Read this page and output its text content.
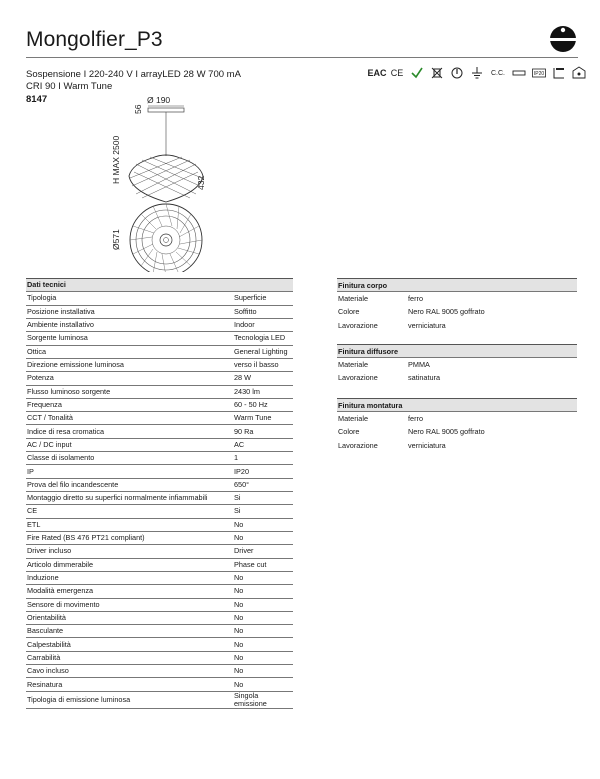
Mongolfier_P3
Sospensione I 220-240 V I arrayLED 28 W 700 mA
CRI 90 I Warm Tune
8147
EAC CE	C.C.	IP20
Ø 190
56
H MAX 2500	432
Ø571
Dati tecnici	
Tipologia	Superficie
Posizione installativa	Soffitto
Ambiente installativo	Indoor
Sorgente luminosa	Tecnologia LED
Ottica	General Lighting
Direzione emissione luminosa	verso il basso
Potenza	28 W
Flusso luminoso sorgente	2430 lm
Frequenza	60 - 50 Hz
CCT / Tonalità	Warm Tune
Indice di resa cromatica	90 Ra
AC / DC input	AC
Classe di isolamento	1
IP	IP20
Prova del filo incandescente	650°
Montaggio diretto su superfici normalmente infiammabili	Si
CE	Si
ETL	No
Fire Rated (BS 476 PT21 compliant)	No
Driver incluso	Driver
Articolo dimmerabile	Phase cut
Induzione	No
Modalità emergenza	No
Sensore di movimento	No
Orientabilità	No
Basculante	No
Calpestabilità	No
Carrabilità	No
Cavo incluso	No
Resinatura	No
Tipologia di emissione luminosa	Singola emissione
Finitura corpo	
Materiale	ferro
Colore	Nero RAL 9005 goffrato
Lavorazione	verniciatura
Finitura diffusore	
Materiale	PMMA
Lavorazione	satinatura
Finitura montatura	
Materiale	ferro
Colore	Nero RAL 9005 goffrato
Lavorazione	verniciatura
